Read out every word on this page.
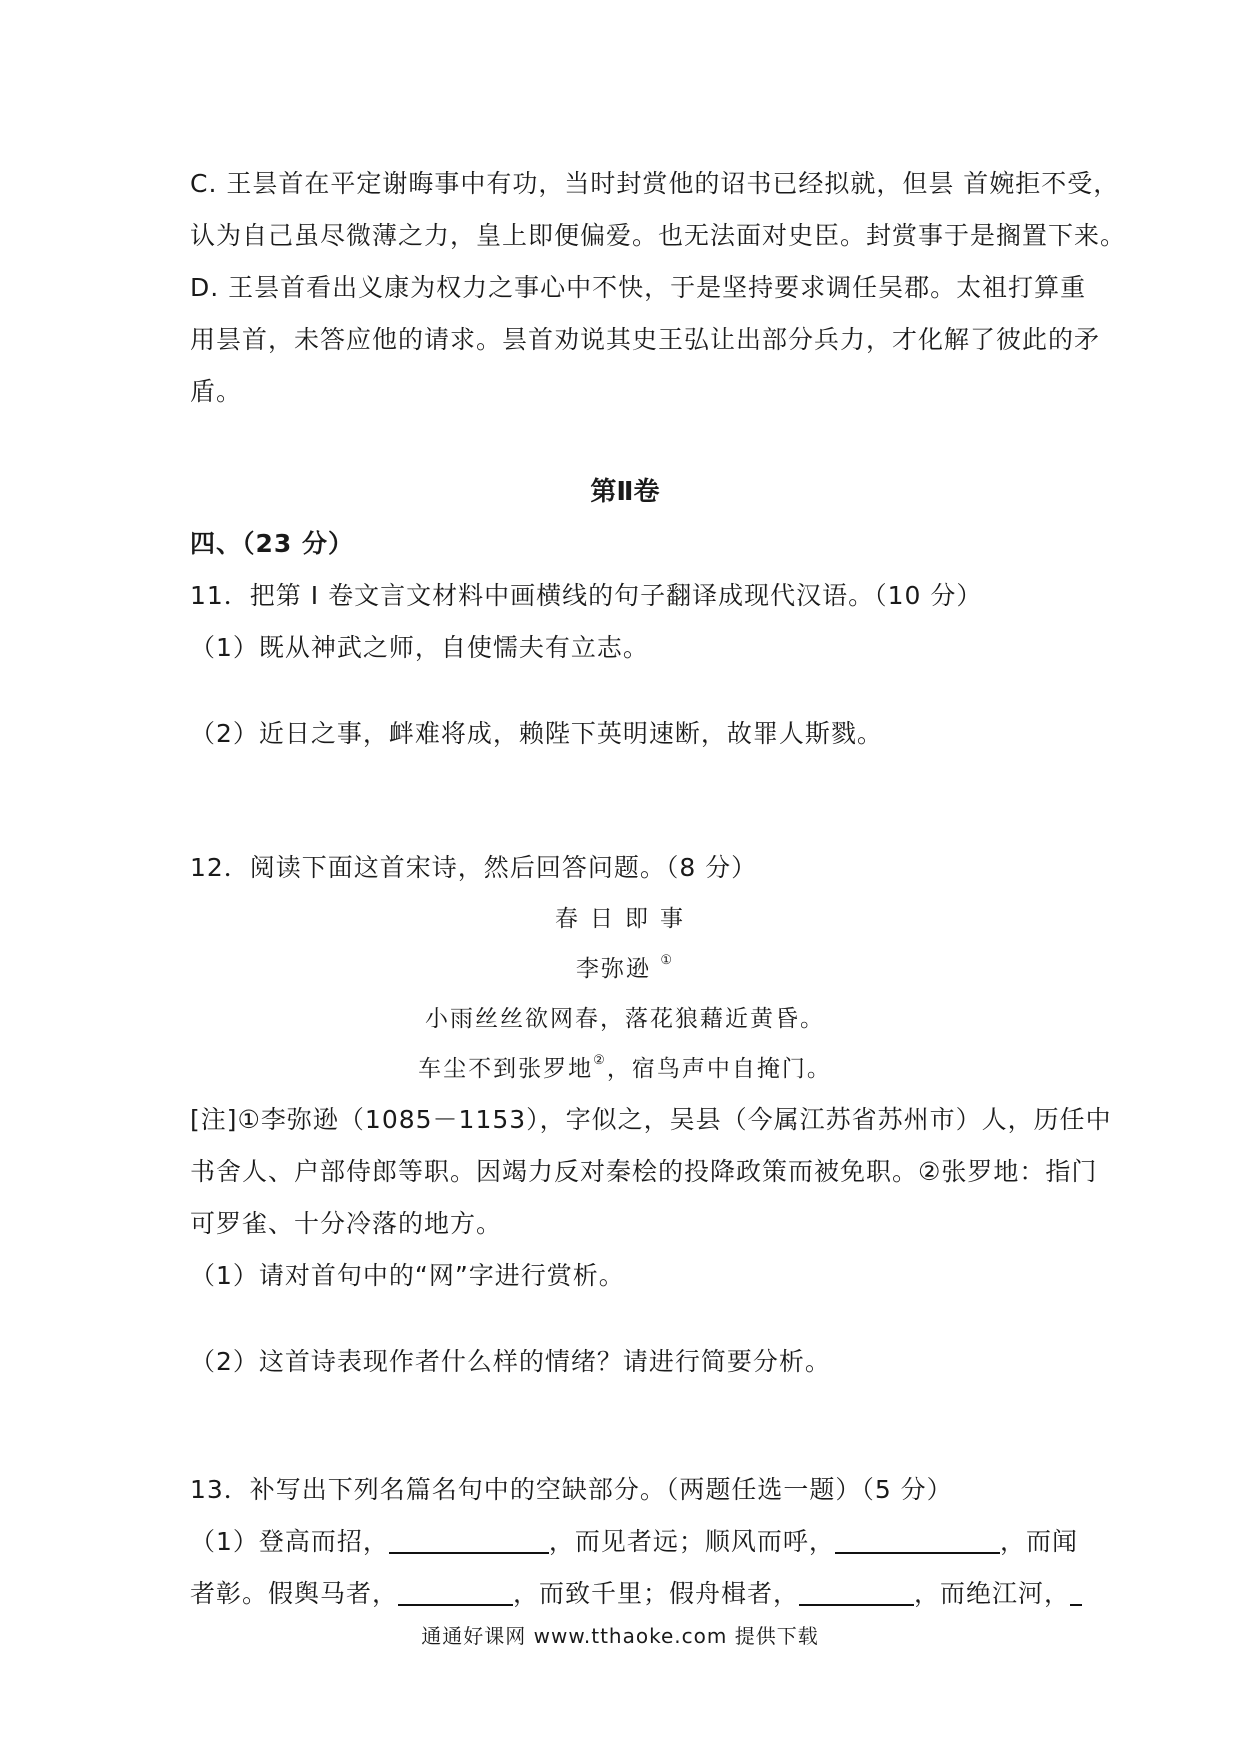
C. 王昙首在平定谢晦事中有功，当时封赏他的诏书已经拟就，但昙 首婉拒不受，
认为自己虽尽微薄之力，皇上即便偏爱。也无法面对史臣。封赏事于是搁置下来。
D. 王昙首看出义康为权力之事心中不快，于是坚持要求调任吴郡。太祖打算重
用昙首，未答应他的请求。昙首劝说其史王弘让出部分兵力，才化解了彼此的矛
盾。
第Ⅱ卷
四、（23 分）
11．把第 I 卷文言文材料中画横线的句子翻译成现代汉语。（10 分）
（1）既从神武之师，自使懦夫有立志。
（2）近日之事，衅难将成，赖陛下英明速断，故罪人斯戮。
12．阅读下面这首宋诗，然后回答问题。（8 分）
春日即事
李弥逊 ①
小雨丝丝欲网春，落花狼藉近黄昏。
车尘不到张罗地②，宿鸟声中自掩门。
[注]①李弥逊（1085－1153），字似之，吴县（今属江苏省苏州市）人，历任中
书舍人、户部侍郎等职。因竭力反对秦桧的投降政策而被免职。②张罗地：指门
可罗雀、十分冷落的地方。
（1）请对首句中的“网”字进行赏析。
（2）这首诗表现作者什么样的情绪？请进行简要分析。
13．补写出下列名篇名句中的空缺部分。（两题任选一题）（5 分）
（1）登高而招，	，而见者远；顺风而呼，	，而闻
者彰。假舆马者，	，而致千里；假舟楫者，	，而绝江河，
通通好课网 www.tthaoke.com 提供下载
